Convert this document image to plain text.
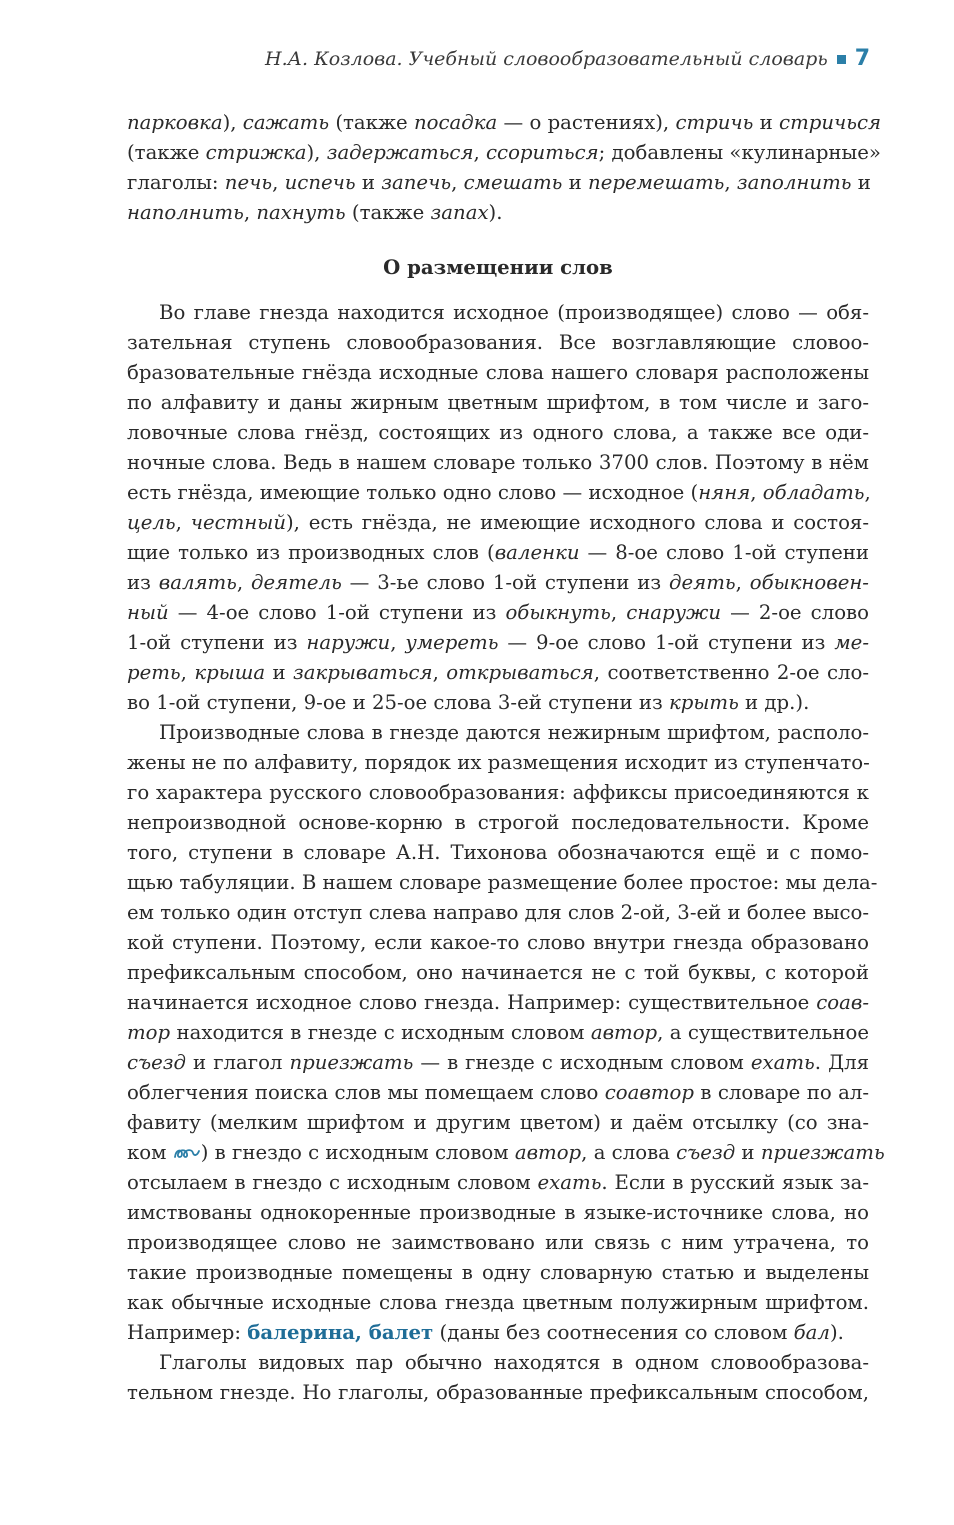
Н.А. Козлова. Учебный словообразовательный словарь 7
О размещении слов
парковка), сажать (также посадка — о растениях), стричь и стричься
(также стрижка), задержаться, ссориться; добавлены «кулинарные»
глаголы: печь, испечь и запечь, смешать и перемешать, заполнить и
наполнить, пахнуть (также запах).
Во главе гнезда находится исходное (производящее) слово — обя-
зательная ступень словообразования. Все возглавляющие словоо-
бразовательные гнёзда исходные слова нашего словаря расположены
по алфавиту и даны жирным цветным шрифтом, в том числе и заго-
ловочные слова гнёзд, состоящих из одного слова, а также все оди-
ночные слова. Ведь в нашем словаре только 3700 слов. Поэтому в нём
есть гнёзда, имеющие только одно слово — исходное (няня, обладать,
цель, честный), есть гнёзда, не имеющие исходного слова и состоя-
щие только из производных слов (валенки — 8-ое слово 1-ой ступени
из валять, деятель — 3-ье слово 1-ой ступени из деять, обыкновен-
ный — 4-ое слово 1-ой ступени из обыкнуть, снаружи — 2-ое слово
1-ой ступени из наружи, умереть — 9-ое слово 1-ой ступени из ме-
реть, крыша и закрываться, открываться, соответственно 2-ое сло-
во 1-ой ступени, 9-ое и 25-ое слова 3-ей ступени из крыть и др.).
Производные слова в гнезде даются нежирным шрифтом, располо-
жены не по алфавиту, порядок их размещения исходит из ступенчато-
го характера русского словообразования: аффиксы присоединяются к
непроизводной основе-корню в строгой последовательности. Кроме
того, ступени в словаре А.Н. Тихонова обозначаются ещё и с помо-
щью табуляции. В нашем словаре размещение более простое: мы дела-
ем только один отступ слева направо для слов 2-ой, 3-ей и более высо-
кой ступени. Поэтому, если какое-то слово внутри гнезда образовано
префиксальным способом, оно начинается не с той буквы, с которой
начинается исходное слово гнезда. Например: существительное соав-
тор находится в гнезде с исходным словом автор, а существительное
съезд и глагол приезжать — в гнезде с исходным словом ехать. Для
облегчения поиска слов мы помещаем слово соавтор в словаре по ал-
фавиту (мелким шрифтом и другим цветом) и даём отсылку (со зна-
ком ) в гнездо с исходным словом автор, а слова съезд и приезжать
отсылаем в гнездо с исходным словом ехать. Если в русский язык за-
имствованы однокоренные производные в языке-источнике слова, но
производящее слово не заимствовано или связь с ним утрачена, то
такие производные помещены в одну словарную статью и выделены
как обычные исходные слова гнезда цветным полужирным шрифтом.
Например: балерина, балет (даны без соотнесения со словом бал).
Глаголы видовых пар обычно находятся в одном словообразова-
тельном гнезде. Но глаголы, образованные префиксальным способом,
